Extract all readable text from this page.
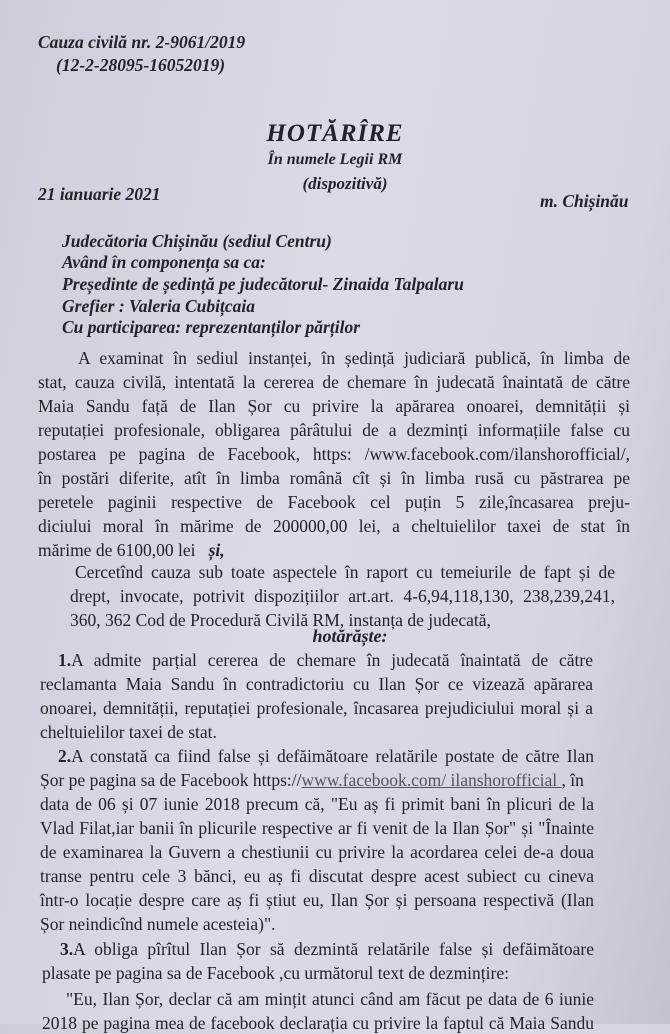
Cauza civilă nr. 2-9061/2019
(12-2-28095-16052019)
HOTĂRÎRE
În numele Legii RM
(dispozitivă)
21 ianuarie 2021	m. Chișinău
Judecătoria Chișinău (sediul Centru)
Având în componența sa ca:
Președinte de ședință pe judecătorul- Zinaida Talpalaru
Grefier : Valeria Cubițcaia
Cu participarea: reprezentanților părților
A examinat în sediul instanței, în ședință judiciară publică, în limba de
stat, cauza civilă, intentată la cererea de chemare în judecată înaintată de către
Maia Sandu față de Ilan Șor cu privire la apărarea onoarei, demnității și
reputației profesionale, obligarea pârâtului de a dezminți informațiile false cu
postarea pe pagina de Facebook, https: /www.facebook.com/ilanshorofficial/,
în postări diferite, atît în limba română cît și în limba rusă cu păstrarea pe
peretele paginii respective de Facebook cel puțin 5 zile,încasarea preju-
diciului moral în mărime de 200000,00 lei, a cheltuielilor taxei de stat în
mărime de 6100,00 lei   și,
Cercetînd cauza sub toate aspectele în raport cu temeiurile de fapt și de
drept, invocate, potrivit dispozițiilor art.art. 4-6,94,118,130, 238,239,241,
360, 362 Cod de Procedură Civilă RM, instanța de judecată,
hotărăște:
1.A admite parțial cererea de chemare în judecată înaintată de către
reclamanta Maia Sandu în contradictoriu cu Ilan Șor ce vizează apărarea
onoarei, demnității, reputației profesionale, încasarea prejudiciului moral și a
cheltuielilor taxei de stat.
2.A constată ca fiind false și defăimătoare relatările postate de către Ilan
Șor pe pagina sa de Facebook https://www.facebook.com/ ilanshorofficial , în
data de 06 și 07 iunie 2018 precum că, "Eu aș fi primit bani în plicuri de la
Vlad Filat,iar banii în plicurile respective ar fi venit de la Ilan Șor" și "Înainte
de examinarea la Guvern a chestiunii cu privire la acordarea celei de-a doua
transe pentru cele 3 bănci, eu aș fi discutat despre acest subiect cu cineva
într-o locație despre care aș fi știut eu, Ilan Șor și persoana respectivă (Ilan
Șor neindicînd numele acesteia)".
3.A obliga pîrîtul Ilan Șor să dezmintă relatările false și defăimătoare
plasate pe pagina sa de Facebook ,cu următorul text de dezmințire:
"Eu, Ilan Șor, declar că am mințit atunci când am făcut pe data de 6 iunie
2018 pe pagina mea de facebook declarația cu privire la faptul că Maia Sandu
